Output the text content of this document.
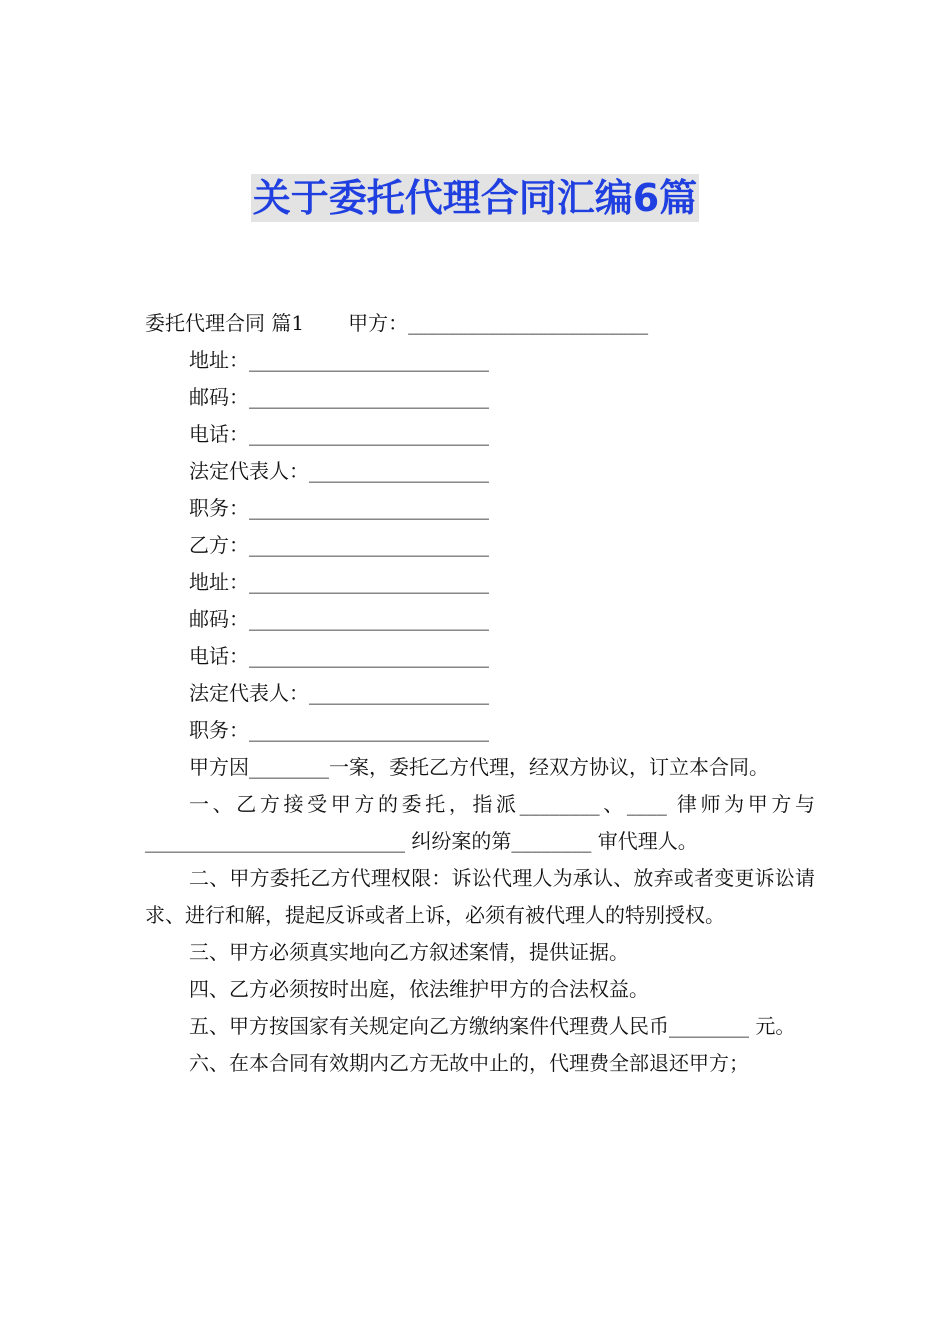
关于委托代理合同汇编6篇
委托代理合同 篇1 甲方：________________________
地址：________________________
邮码：________________________
电话：________________________
法定代表人：__________________
职务：________________________
乙方：________________________
地址：________________________
邮码：________________________
电话：________________________
法定代表人：__________________
职务：________________________

甲方因________一案，委托乙方代理，经双方协议，订立本合同。

一、乙方接受甲方的委托，指派________、____ 律师为甲方与__________________________ 纠纷案的第________ 审代理人。

二、甲方委托乙方代理权限：诉讼代理人为承认、放弃或者变更诉讼请求、进行和解，提起反诉或者上诉，必须有被代理人的特别授权。

三、甲方必须真实地向乙方叙述案情，提供证据。

四、乙方必须按时出庭，依法维护甲方的合法权益。

五、甲方按国家有关规定向乙方缴纳案件代理费人民币________ 元。

六、在本合同有效期内乙方无故中止的，代理费全部退还甲方；
